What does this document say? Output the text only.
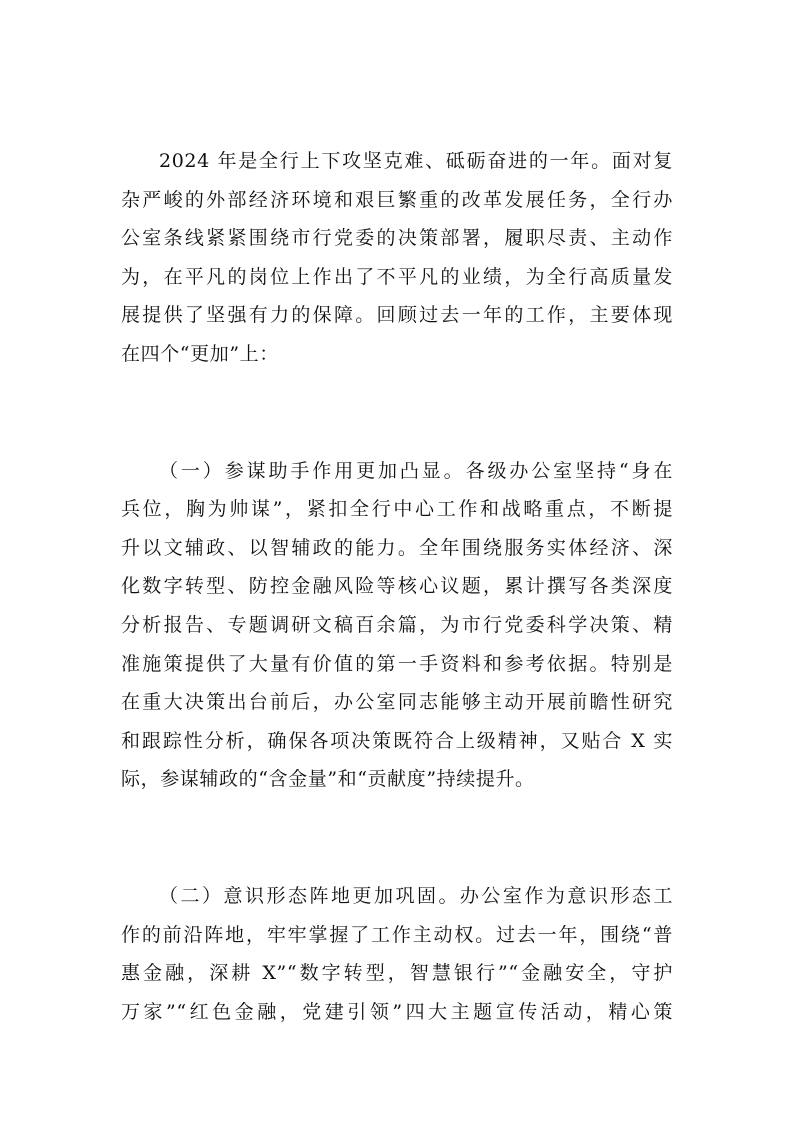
2024 年是全行上下攻坚克难、砥砺奋进的一年。面对复
杂严峻的外部经济环境和艰巨繁重的改革发展任务，全行办
公室条线紧紧围绕市行党委的决策部署，履职尽责、主动作
为，在平凡的岗位上作出了不平凡的业绩，为全行高质量发
展提供了坚强有力的保障。回顾过去一年的工作，主要体现
在四个“更加”上：

（一）参谋助手作用更加凸显。各级办公室坚持“身在
兵位，胸为帅谋”，紧扣全行中心工作和战略重点，不断提
升以文辅政、以智辅政的能力。全年围绕服务实体经济、深
化数字转型、防控金融风险等核心议题，累计撰写各类深度
分析报告、专题调研文稿百余篇，为市行党委科学决策、精
准施策提供了大量有价值的第一手资料和参考依据。特别是
在重大决策出台前后，办公室同志能够主动开展前瞻性研究
和跟踪性分析，确保各项决策既符合上级精神，又贴合 X 实
际，参谋辅政的“含金量”和“贡献度”持续提升。

（二）意识形态阵地更加巩固。办公室作为意识形态工
作的前沿阵地，牢牢掌握了工作主动权。过去一年，围绕“普
惠金融，深耕 X”“数字转型，智慧银行”“金融安全，守护
万家”“红色金融，党建引领”四大主题宣传活动，精心策
